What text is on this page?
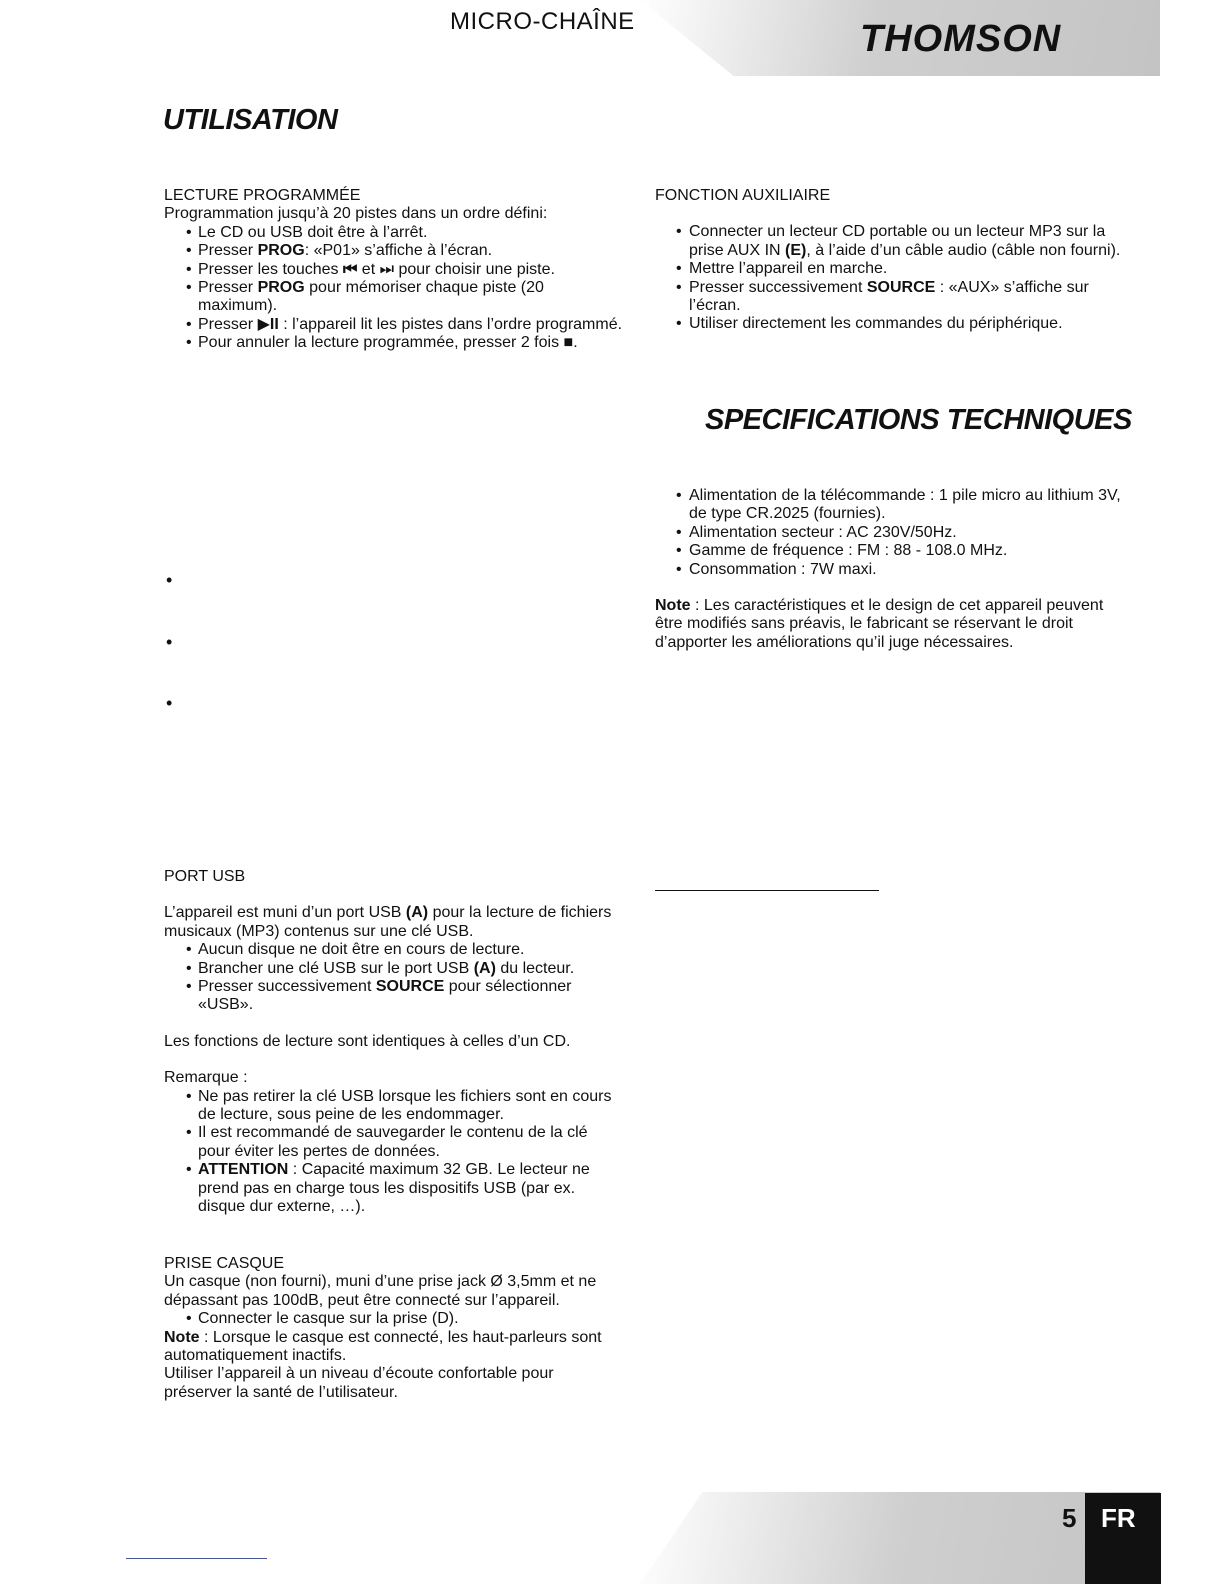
MICRO-CHAÎNE	THOMSON
UTILISATION
LECTURE PROGRAMMÉE
Programmation jusqu’à 20 pistes dans un ordre défini:
• Le CD ou USB doit être à l’arrêt.
• Presser PROG: «P01» s’affiche à l’écran.
• Presser les touches ⏮ et ⏭ pour choisir une piste.
• Presser PROG pour mémoriser chaque piste (20 maximum).
• Presser ▶II : l’appareil lit les pistes dans l’ordre programmé.
• Pour annuler la lecture programmée, presser 2 fois ■.
FONCTION AUXILIAIRE
• Connecter un lecteur CD portable ou un lecteur MP3 sur la prise AUX IN (E), à l’aide d’un câble audio (câble non fourni).
• Mettre l’appareil en marche.
• Presser successivement SOURCE : «AUX» s’affiche sur l’écran.
• Utiliser directement les commandes du périphérique.
SPECIFICATIONS TECHNIQUES
• Alimentation de la télécommande : 1 pile micro au lithium 3V, de type CR.2025 (fournies).
• Alimentation secteur : AC 230V/50Hz.
• Gamme de fréquence : FM : 88 - 108.0 MHz.
• Consommation : 7W maxi.
Note : Les caractéristiques et le design de cet appareil peuvent être modifiés sans préavis, le fabricant se réservant le droit d’apporter les améliorations qu’il juge nécessaires.
•
•
•
PORT USB
L’appareil est muni d’un port USB (A) pour la lecture de fichiers musicaux (MP3) contenus sur une clé USB.
• Aucun disque ne doit être en cours de lecture.
• Brancher une clé USB sur le port USB (A) du lecteur.
• Presser successivement SOURCE pour sélectionner «USB».
Les fonctions de lecture sont identiques à celles d’un CD.
Remarque :
• Ne pas retirer la clé USB lorsque les fichiers sont en cours de lecture, sous peine de les endommager.
• Il est recommandé de sauvegarder le contenu de la clé pour éviter les pertes de données.
• ATTENTION : Capacité maximum 32 GB. Le lecteur ne prend pas en charge tous les dispositifs USB (par ex. disque dur externe, …).
PRISE CASQUE
Un casque (non fourni), muni d’une prise jack Ø 3,5mm et ne dépassant pas 100dB, peut être connecté sur l’appareil.
• Connecter le casque sur la prise (D).
Note : Lorsque le casque est connecté, les haut-parleurs sont automatiquement inactifs.
Utiliser l’appareil à un niveau d’écoute confortable pour préserver la santé de l’utilisateur.
5 FR
